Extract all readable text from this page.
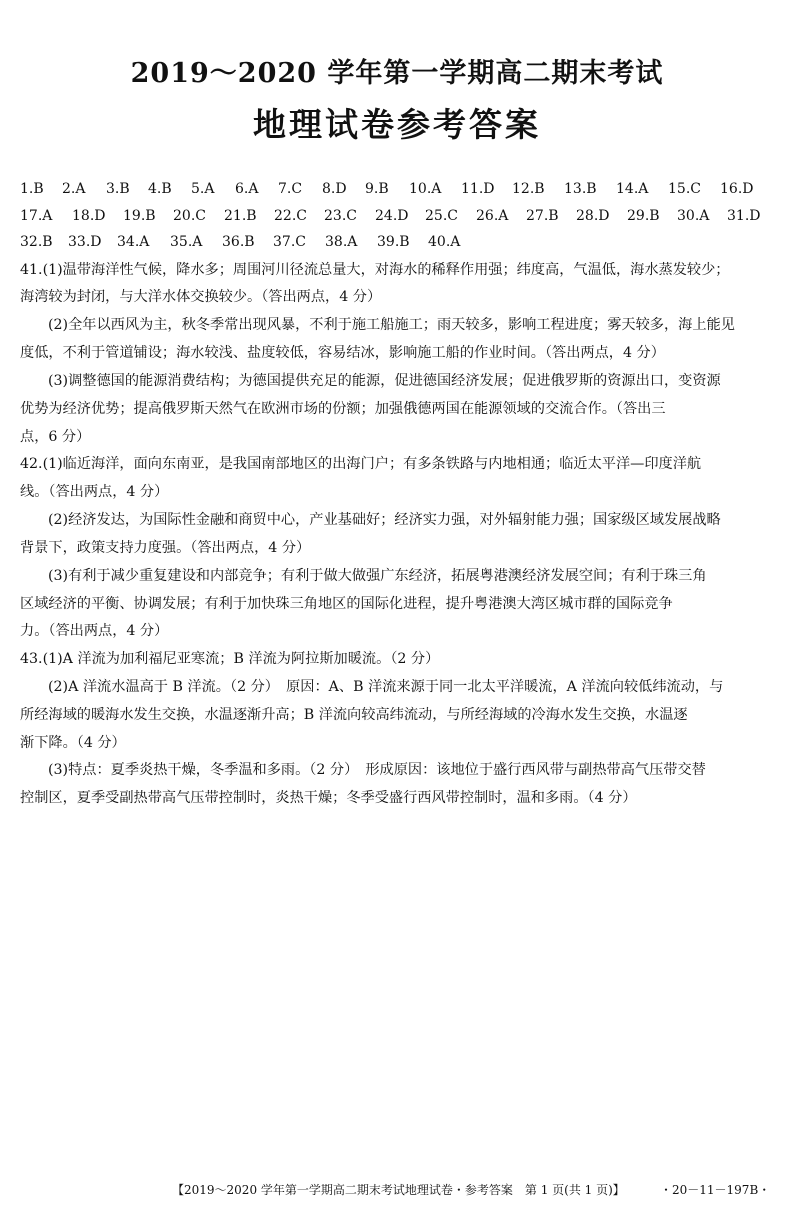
2019～2020 学年第一学期高二期末考试
地理试卷参考答案
1.B 2.A 3.B 4.B 5.A 6.A 7.C 8.D 9.B 10.A 11.D 12.B 13.B 14.A 15.C 16.D
17.A 18.D 19.B 20.C 21.B 22.C 23.C 24.D 25.C 26.A 27.B 28.D 29.B 30.A 31.D
32.B 33.D 34.A 35.A 36.B 37.C 38.A 39.B 40.A
41.(1)温带海洋性气候，降水多；周围河川径流总量大，对海水的稀释作用强；纬度高，气温低，海水蒸发较少；
海湾较为封闭，与大洋水体交换较少。（答出两点，4 分）
(2)全年以西风为主，秋冬季常出现风暴，不利于施工船施工；雨天较多，影响工程进度；雾天较多，海上能见
度低，不利于管道铺设；海水较浅、盐度较低，容易结冰，影响施工船的作业时间。（答出两点，4 分）
(3)调整德国的能源消费结构；为德国提供充足的能源，促进德国经济发展；促进俄罗斯的资源出口，变资源
优势为经济优势；提高俄罗斯天然气在欧洲市场的份额；加强俄德两国在能源领域的交流合作。（答出三
点，6 分）
42.(1)临近海洋，面向东南亚，是我国南部地区的出海门户；有多条铁路与内地相通；临近太平洋—印度洋航
线。（答出两点，4 分）
(2)经济发达，为国际性金融和商贸中心，产业基础好；经济实力强，对外辐射能力强；国家级区域发展战略
背景下，政策支持力度强。（答出两点，4 分）
(3)有利于减少重复建设和内部竞争；有利于做大做强广东经济，拓展粤港澳经济发展空间；有利于珠三角
区域经济的平衡、协调发展；有利于加快珠三角地区的国际化进程，提升粤港澳大湾区城市群的国际竞争
力。（答出两点，4 分）
43.(1)A 洋流为加利福尼亚寒流；B 洋流为阿拉斯加暖流。（2 分）
(2)A 洋流水温高于 B 洋流。（2 分）　原因：A、B 洋流来源于同一北太平洋暖流，A 洋流向较低纬流动，与
所经海域的暖海水发生交换，水温逐渐升高；B 洋流向较高纬流动，与所经海域的冷海水发生交换，水温逐
渐下降。（4 分）
(3)特点：夏季炎热干燥，冬季温和多雨。（2 分）　形成原因：该地位于盛行西风带与副热带高气压带交替
控制区，夏季受副热带高气压带控制时，炎热干燥；冬季受盛行西风带控制时，温和多雨。（4 分）
【2019～2020 学年第一学期高二期末考试地理试卷・参考答案　第 1 页(共 1 页)】	・20－11－197B・
